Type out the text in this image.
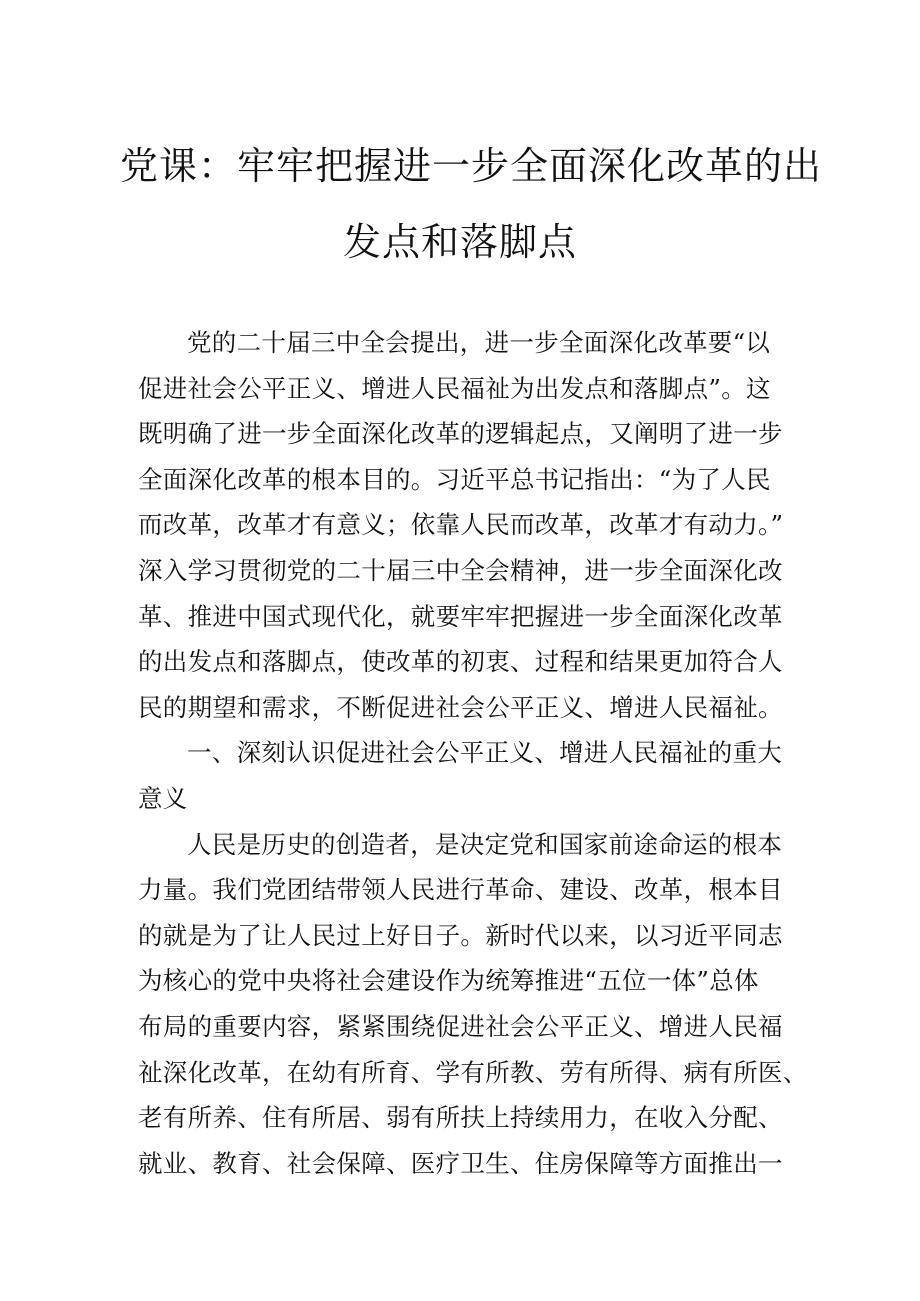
党课：牢牢把握进一步全面深化改革的出
发点和落脚点
党的二十届三中全会提出，进一步全面深化改革要“以
促进社会公平正义、增进人民福祉为出发点和落脚点”。这
既明确了进一步全面深化改革的逻辑起点，又阐明了进一步
全面深化改革的根本目的。习近平总书记指出：“为了人民
而改革，改革才有意义；依靠人民而改革，改革才有动力。”
深入学习贯彻党的二十届三中全会精神，进一步全面深化改
革、推进中国式现代化，就要牢牢把握进一步全面深化改革
的出发点和落脚点，使改革的初衷、过程和结果更加符合人
民的期望和需求，不断促进社会公平正义、增进人民福祉。
一、深刻认识促进社会公平正义、增进人民福祉的重大
意义
人民是历史的创造者，是决定党和国家前途命运的根本
力量。我们党团结带领人民进行革命、建设、改革，根本目
的就是为了让人民过上好日子。新时代以来，以习近平同志
为核心的党中央将社会建设作为统筹推进“五位一体”总体
布局的重要内容，紧紧围绕促进社会公平正义、增进人民福
祉深化改革，在幼有所育、学有所教、劳有所得、病有所医、
老有所养、住有所居、弱有所扶上持续用力，在收入分配、
就业、教育、社会保障、医疗卫生、住房保障等方面推出一
